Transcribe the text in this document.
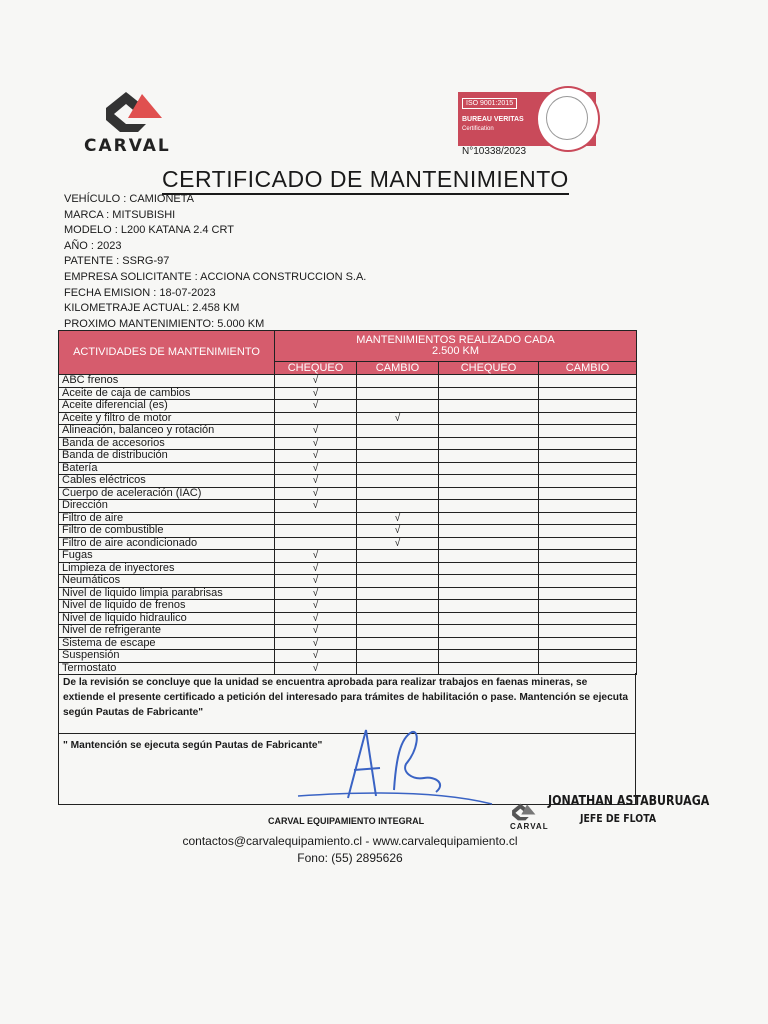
CARVAL
ISO 9001:2015
BUREAU VERITAS
Certification
N°10338/2023
CERTIFICADO DE MANTENIMIENTO
VEHÍCULO : CAMIONETA
MARCA : MITSUBISHI
MODELO : L200 KATANA 2.4 CRT
AÑO : 2023
PATENTE : SSRG-97
EMPRESA SOLICITANTE : ACCIONA CONSTRUCCION S.A.
FECHA EMISION : 18-07-2023
KILOMETRAJE ACTUAL: 2.458 KM
PROXIMO MANTENIMIENTO: 5.000 KM
ACTIVIDADES DE MANTENIMIENTO	MANTENIMIENTOS REALIZADO CADA
2.500 KM			

	CHEQUEO	CAMBIO	CHEQUEO	CAMBIO
ABC frenos	√			
Aceite de caja de cambios	√			
Aceite diferencial (es)	√			
Aceite y filtro de motor		√		
Alineación, balanceo y rotación	√			
Banda de accesorios	√			
Banda de distribución	√			
Batería	√			
Cables eléctricos	√			
Cuerpo de aceleración (IAC)	√			
Dirección	√			
Filtro de aire		√		
Filtro de combustible		√		
Filtro de aire acondicionado		√		
Fugas	√			
Limpieza de inyectores	√			
Neumáticos	√			
Nivel de liquido limpia parabrisas	√			
Nivel de liquido de frenos	√			
Nivel de liquido hidraulico	√			
Nivel de refrigerante	√			
Sistema de escape	√			
Suspensión	√			
Termostato	√			
De la revisión se concluye que la unidad se encuentra aprobada para realizar trabajos en faenas mineras, se extiende el presente certificado a petición del interesado para trámites de habilitación o pase. Mantención se ejecuta según Pautas de Fabricante"
" Mantención se ejecuta según Pautas de Fabricante"
CARVAL EQUIPAMIENTO INTEGRAL
contactos@carvalequipamiento.cl - www.carvalequipamiento.cl
Fono: (55) 2895626
CARVAL
JONATHAN ASTABURUAGA
JEFE DE FLOTA
